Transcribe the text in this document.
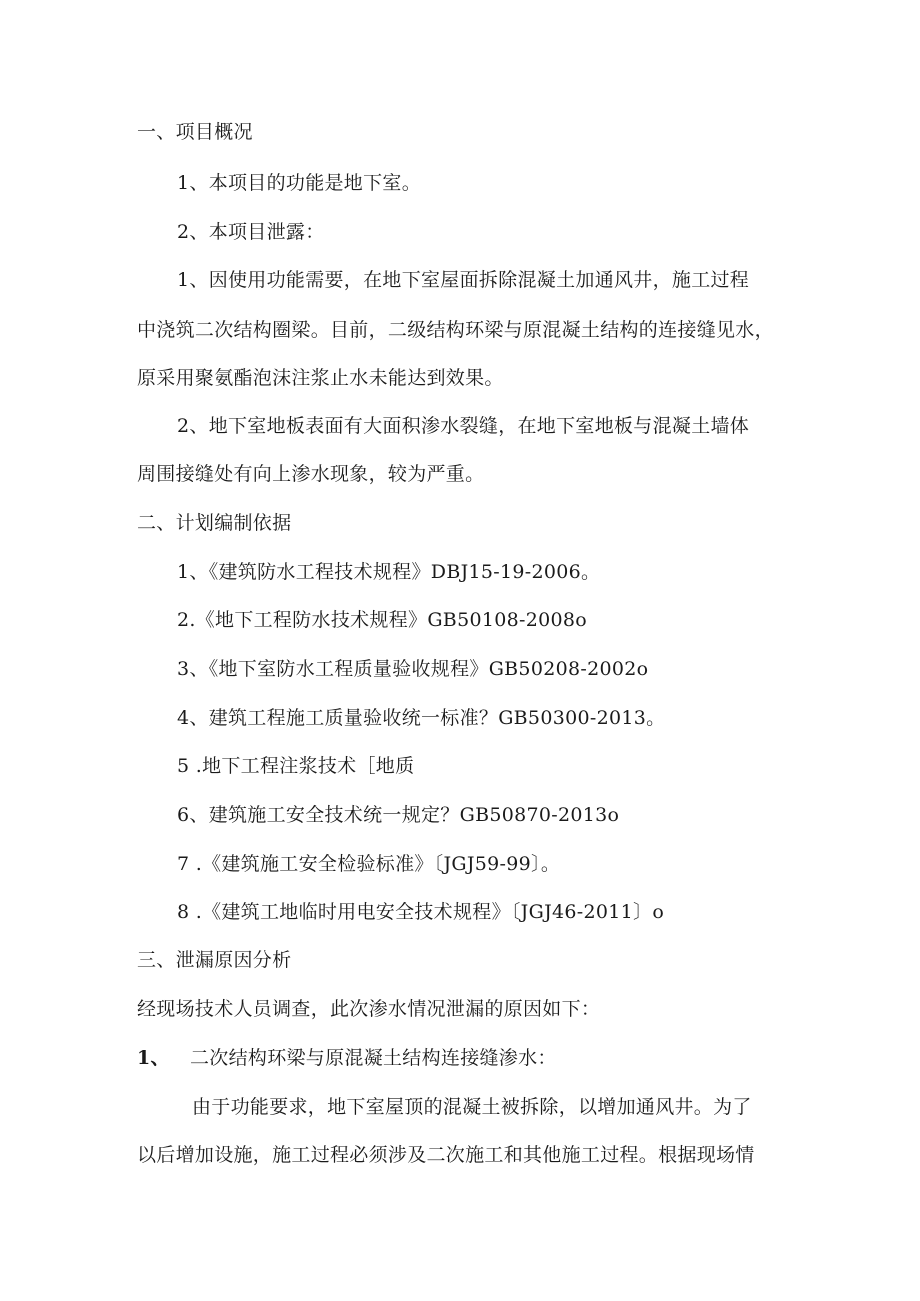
一、项目概况
1、本项目的功能是地下室。
2、本项目泄露：
1、因使用功能需要，在地下室屋面拆除混凝土加通风井，施工过程
中浇筑二次结构圈梁。目前，二级结构环梁与原混凝土结构的连接缝见水，
原采用聚氨酯泡沫注浆止水未能达到效果。
2、地下室地板表面有大面积渗水裂缝，在地下室地板与混凝土墙体
周围接缝处有向上渗水现象，较为严重。
二、计划编制依据
1、《建筑防水工程技术规程》DBJ15-19-2006。
2.《地下工程防水技术规程》GB50108-2008o
3、《地下室防水工程质量验收规程》GB50208-2002o
4、建筑工程施工质量验收统一标准？GB50300-2013。
5 .地下工程注浆技术［地质
6、建筑施工安全技术统一规定？GB50870-2013o
7 .《建筑施工安全检验标准》〔JGJ59-99〕。
8 .《建筑工地临时用电安全技术规程》〔JGJ46-2011〕o
三、泄漏原因分析
经现场技术人员调查，此次渗水情况泄漏的原因如下：
1、 二次结构环梁与原混凝土结构连接缝渗水：
由于功能要求，地下室屋顶的混凝土被拆除，以增加通风井。为了
以后增加设施，施工过程必须涉及二次施工和其他施工过程。根据现场情
